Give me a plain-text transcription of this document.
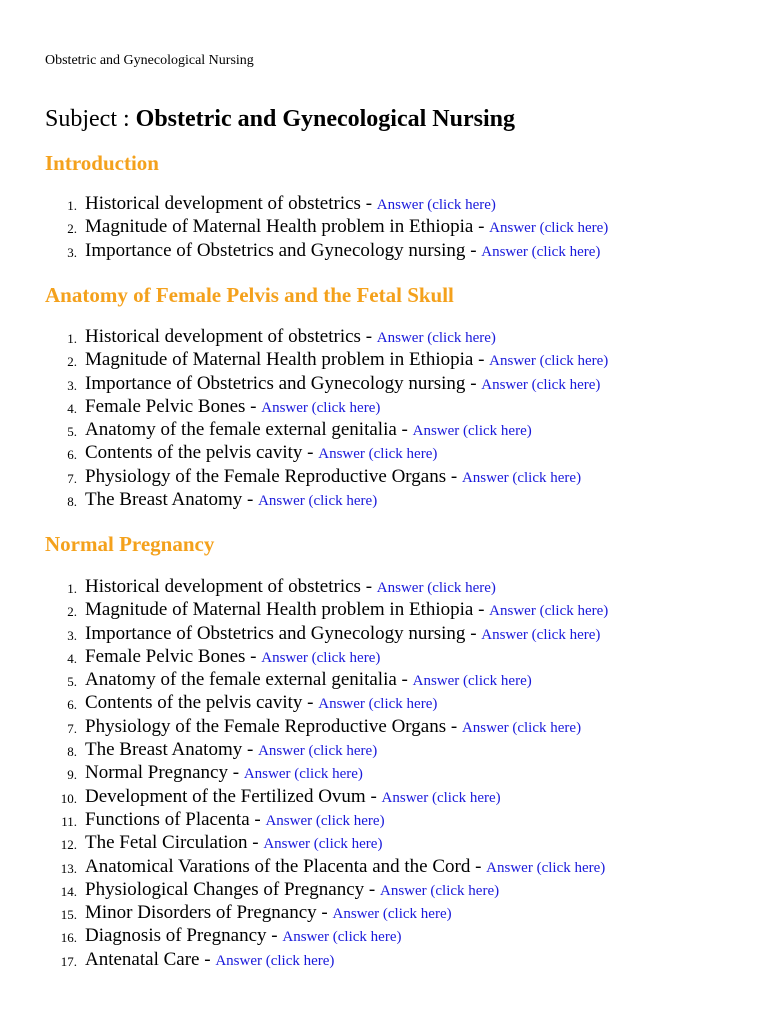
Obstetric and Gynecological Nursing
Subject : Obstetric and Gynecological Nursing
Introduction
1. Historical development of obstetrics - Answer (click here)
2. Magnitude of Maternal Health problem in Ethiopia - Answer (click here)
3. Importance of Obstetrics and Gynecology nursing - Answer (click here)
Anatomy of Female Pelvis and the Fetal Skull
1. Historical development of obstetrics - Answer (click here)
2. Magnitude of Maternal Health problem in Ethiopia - Answer (click here)
3. Importance of Obstetrics and Gynecology nursing - Answer (click here)
4. Female Pelvic Bones - Answer (click here)
5. Anatomy of the female external genitalia - Answer (click here)
6. Contents of the pelvis cavity - Answer (click here)
7. Physiology of the Female Reproductive Organs - Answer (click here)
8. The Breast Anatomy - Answer (click here)
Normal Pregnancy
1. Historical development of obstetrics - Answer (click here)
2. Magnitude of Maternal Health problem in Ethiopia - Answer (click here)
3. Importance of Obstetrics and Gynecology nursing - Answer (click here)
4. Female Pelvic Bones - Answer (click here)
5. Anatomy of the female external genitalia - Answer (click here)
6. Contents of the pelvis cavity - Answer (click here)
7. Physiology of the Female Reproductive Organs - Answer (click here)
8. The Breast Anatomy - Answer (click here)
9. Normal Pregnancy - Answer (click here)
10. Development of the Fertilized Ovum - Answer (click here)
11. Functions of Placenta - Answer (click here)
12. The Fetal Circulation - Answer (click here)
13. Anatomical Varations of the Placenta and the Cord - Answer (click here)
14. Physiological Changes of Pregnancy - Answer (click here)
15. Minor Disorders of Pregnancy - Answer (click here)
16. Diagnosis of Pregnancy - Answer (click here)
17. Antenatal Care - Answer (click here)
